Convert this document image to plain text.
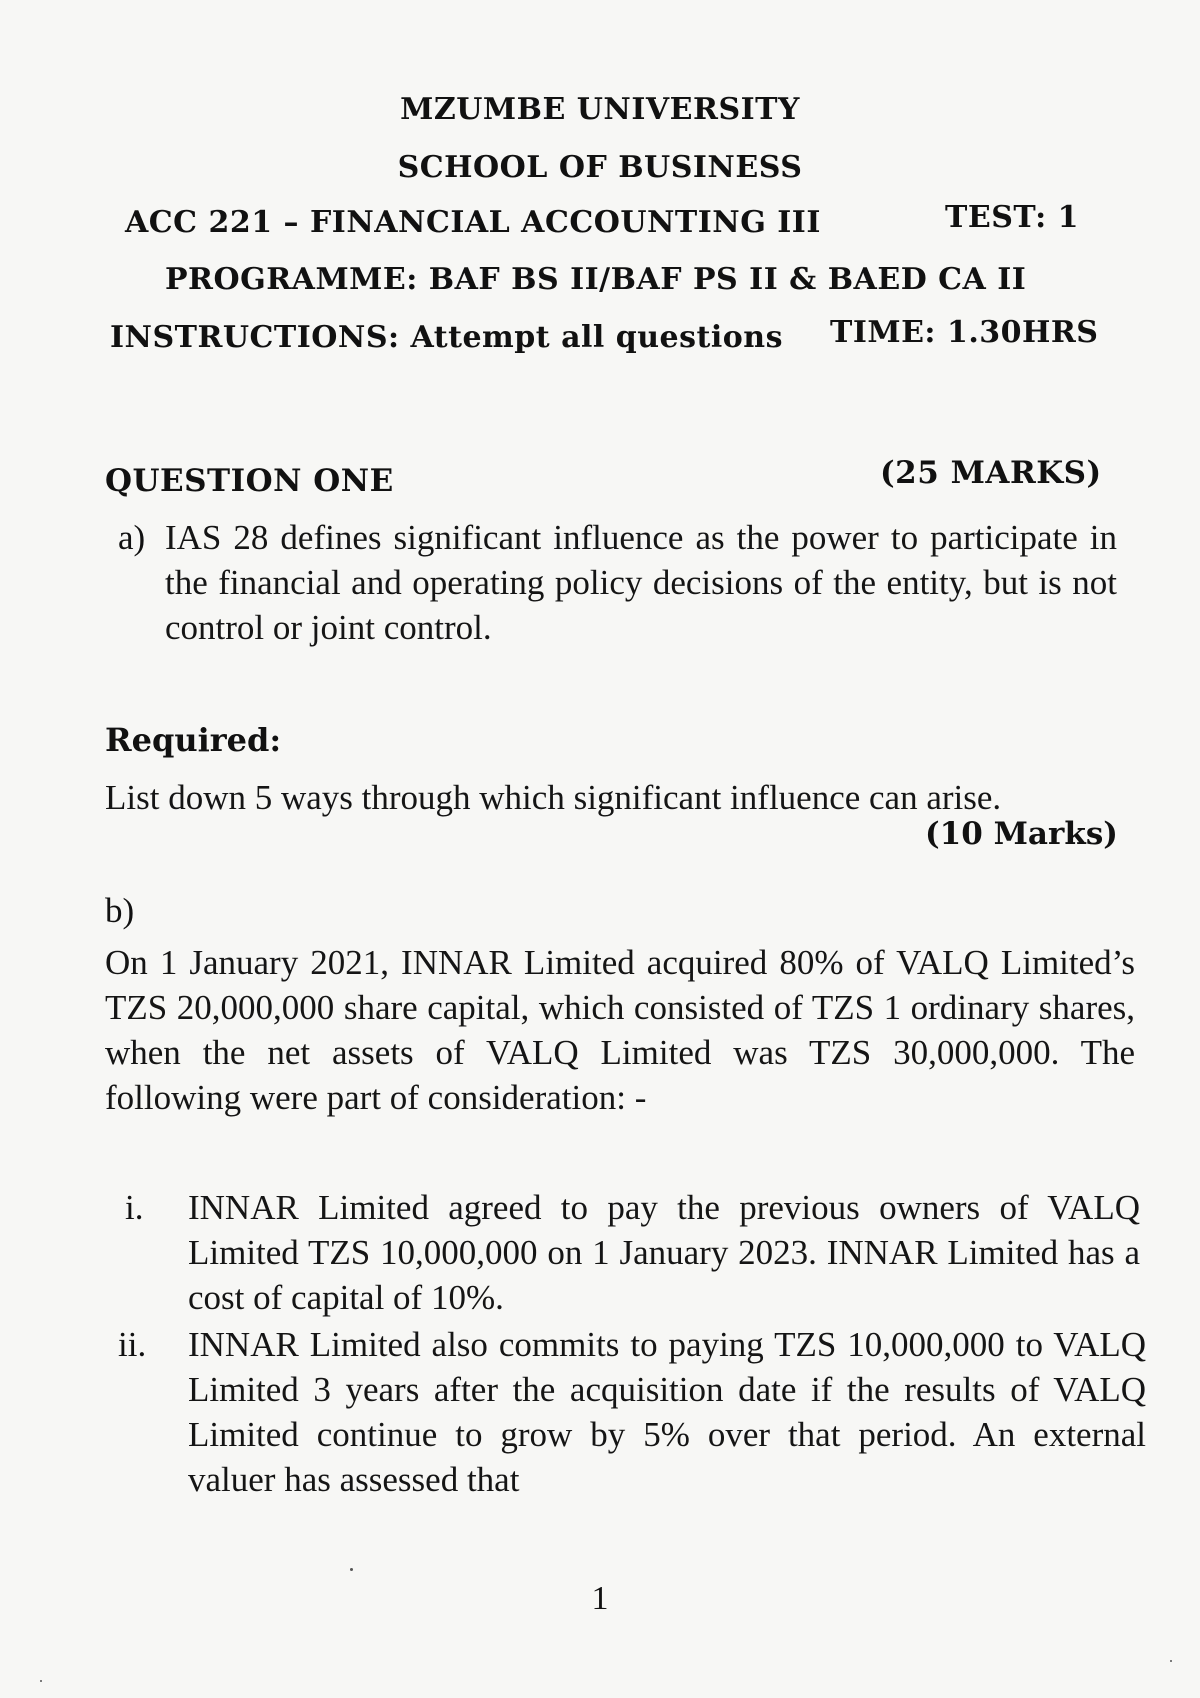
MZUMBE UNIVERSITY
SCHOOL OF BUSINESS
ACC 221 – FINANCIAL ACCOUNTING III	TEST: 1
PROGRAMME: BAF BS II/BAF PS II & BAED CA II
INSTRUCTIONS: Attempt all questions TIME: 1.30HRS
QUESTION ONE	(25 MARKS)
a) IAS 28 defines significant influence as the power to participate in the financial and operating policy decisions of the entity, but is not control or joint control.
Required:
List down 5 ways through which significant influence can arise.
(10 Marks)
b)
On 1 January 2021, INNAR Limited acquired 80% of VALQ Limited’s TZS 20,000,000 share capital, which consisted of TZS 1 ordinary shares, when the net assets of VALQ Limited was TZS 30,000,000. The following were part of consideration: -
i. INNAR Limited agreed to pay the previous owners of VALQ Limited TZS 10,000,000 on 1 January 2023. INNAR Limited has a cost of capital of 10%.
ii. INNAR Limited also commits to paying TZS 10,000,000 to VALQ Limited 3 years after the acquisition date if the results of VALQ Limited continue to grow by 5% over that period. An external valuer has assessed that
1
